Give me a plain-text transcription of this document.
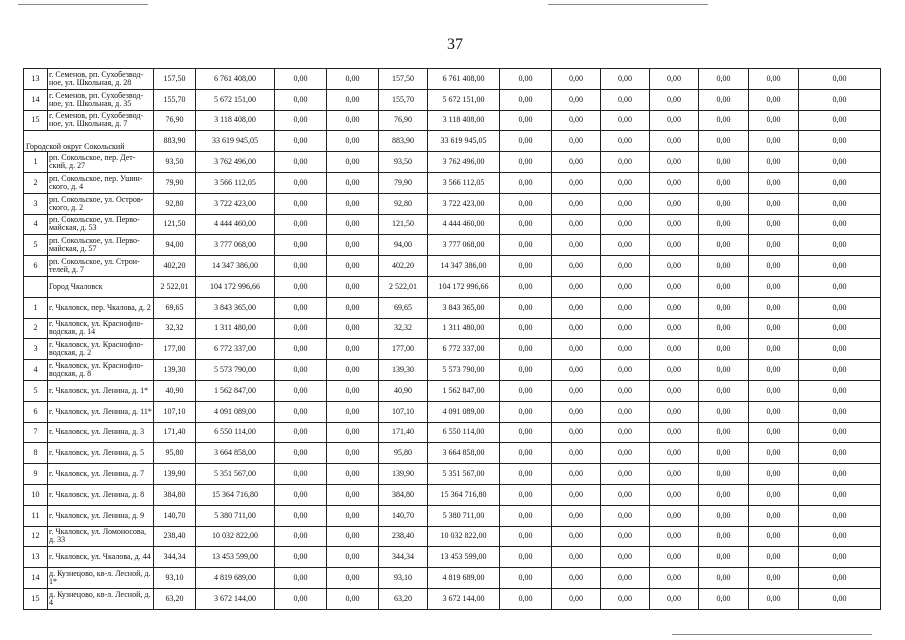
37
13	г. Семенов, рп. Сухобезвод-ное, ул. Школьная, д. 28	157,50	6 761 408,00	0,00	0,00	157,50	6 761 408,00	0,00	0,00	0,00	0,00	0,00	0,00	0,00
14	г. Семенов, рп. Сухобезвод-ное, ул. Школьная, д. 35	155,70	5 672 151,00	0,00	0,00	155,70	5 672 151,00	0,00	0,00	0,00	0,00	0,00	0,00	0,00
15	г. Семенов, рп. Сухобезвод-ное, ул. Школьная, д. 7	76,90	3 118 408,00	0,00	0,00	76,90	3 118 408,00	0,00	0,00	0,00	0,00	0,00	0,00	0,00
Городской округ Сокольский		883,90	33 619 945,05	0,00	0,00	883,90	33 619 945,05	0,00	0,00	0,00	0,00	0,00	0,00	0,00
1	рп. Сокольское, пер. Дет-ский, д. 27	93,50	3 762 496,00	0,00	0,00	93,50	3 762 496,00	0,00	0,00	0,00	0,00	0,00	0,00	0,00
2	рп. Сокольское, пер. Ушин-ского, д. 4	79,90	3 566 112,05	0,00	0,00	79,90	3 566 112,05	0,00	0,00	0,00	0,00	0,00	0,00	0,00
3	рп. Сокольское, ул. Остров-ского, д. 2	92,80	3 722 423,00	0,00	0,00	92,80	3 722 423,00	0,00	0,00	0,00	0,00	0,00	0,00	0,00
4	рп. Сокольское, ул. Перво-майская, д. 53	121,50	4 444 460,00	0,00	0,00	121,50	4 444 460,00	0,00	0,00	0,00	0,00	0,00	0,00	0,00
5	рп. Сокольское, ул. Перво-майская, д. 57	94,00	3 777 068,00	0,00	0,00	94,00	3 777 068,00	0,00	0,00	0,00	0,00	0,00	0,00	0,00
6	рп. Сокольское, ул. Строи-телей, д. 7	402,20	14 347 386,00	0,00	0,00	402,20	14 347 386,00	0,00	0,00	0,00	0,00	0,00	0,00	0,00
	Город Чкаловск	2 522,01	104 172 996,66	0,00	0,00	2 522,01	104 172 996,66	0,00	0,00	0,00	0,00	0,00	0,00	0,00
1	г. Чкаловск, пер. Чкалова, д. 2	69,65	3 843 365,00	0,00	0,00	69,65	3 843 365,00	0,00	0,00	0,00	0,00	0,00	0,00	0,00
2	г. Чкаловск, ул. Краснофло-водская, д. 14	32,32	1 311 480,00	0,00	0,00	32,32	1 311 480,00	0,00	0,00	0,00	0,00	0,00	0,00	0,00
3	г. Чкаловск, ул. Краснофло-водская, д. 2	177,00	6 772 337,00	0,00	0,00	177,00	6 772 337,00	0,00	0,00	0,00	0,00	0,00	0,00	0,00
4	г. Чкаловск, ул. Краснофло-водская, д. 8	139,30	5 573 790,00	0,00	0,00	139,30	5 573 790,00	0,00	0,00	0,00	0,00	0,00	0,00	0,00
5	г. Чкаловск, ул. Ленина, д. 1*	40,90	1 562 847,00	0,00	0,00	40,90	1 562 847,00	0,00	0,00	0,00	0,00	0,00	0,00	0,00
6	г. Чкаловск, ул. Ленина, д. 11*	107,10	4 091 089,00	0,00	0,00	107,10	4 091 089,00	0,00	0,00	0,00	0,00	0,00	0,00	0,00
7	г. Чкаловск, ул. Ленина, д. 3	171,40	6 550 114,00	0,00	0,00	171,40	6 550 114,00	0,00	0,00	0,00	0,00	0,00	0,00	0,00
8	г. Чкаловск, ул. Ленина, д. 5	95,80	3 664 858,00	0,00	0,00	95,80	3 664 858,00	0,00	0,00	0,00	0,00	0,00	0,00	0,00
9	г. Чкаловск, ул. Ленина, д. 7	139,90	5 351 567,00	0,00	0,00	139,90	5 351 567,00	0,00	0,00	0,00	0,00	0,00	0,00	0,00
10	г. Чкаловск, ул. Ленина, д. 8	384,80	15 364 716,80	0,00	0,00	384,80	15 364 716,80	0,00	0,00	0,00	0,00	0,00	0,00	0,00
11	г. Чкаловск, ул. Ленина, д. 9	140,70	5 380 711,00	0,00	0,00	140,70	5 380 711,00	0,00	0,00	0,00	0,00	0,00	0,00	0,00
12	г. Чкаловск, ул. Ломоносова, д. 33	238,40	10 032 822,00	0,00	0,00	238,40	10 032 822,00	0,00	0,00	0,00	0,00	0,00	0,00	0,00
13	г. Чкаловск, ул. Чкалова, д. 44	344,34	13 453 599,00	0,00	0,00	344,34	13 453 599,00	0,00	0,00	0,00	0,00	0,00	0,00	0,00
14	д. Кузнецово, кв-л. Лесной, д. 1*	93,10	4 819 689,00	0,00	0,00	93,10	4 819 689,00	0,00	0,00	0,00	0,00	0,00	0,00	0,00
15	д. Кузнецово, кв-л. Лесной, д. 4	63,20	3 672 144,00	0,00	0,00	63,20	3 672 144,00	0,00	0,00	0,00	0,00	0,00	0,00	0,00
